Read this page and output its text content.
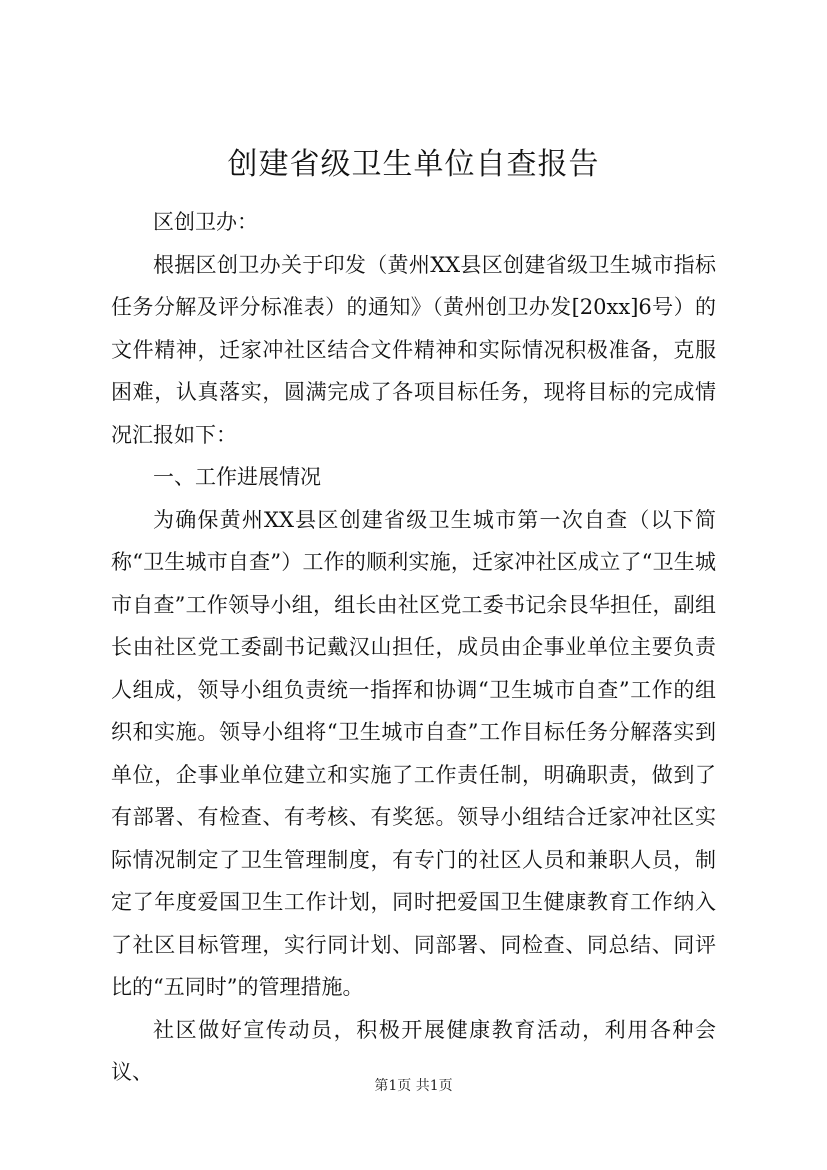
创建省级卫生单位自查报告

区创卫办：

根据区创卫办关于印发（黄州XX县区创建省级卫生城市指标任务分解及评分标准表）的通知》（黄州创卫办发[20xx]6号）的文件精神，迁家冲社区结合文件精神和实际情况积极准备，克服困难，认真落实，圆满完成了各项目标任务，现将目标的完成情况汇报如下：

一、工作进展情况

为确保黄州XX县区创建省级卫生城市第一次自查（以下简称“卫生城市自查”）工作的顺利实施，迁家冲社区成立了“卫生城市自查”工作领导小组，组长由社区党工委书记余艮华担任，副组长由社区党工委副书记戴汉山担任，成员由企事业单位主要负责人组成，领导小组负责统一指挥和协调“卫生城市自查”工作的组织和实施。领导小组将“卫生城市自查”工作目标任务分解落实到单位，企事业单位建立和实施了工作责任制，明确职责，做到了有部署、有检查、有考核、有奖惩。领导小组结合迁家冲社区实际情况制定了卫生管理制度，有专门的社区人员和兼职人员，制定了年度爱国卫生工作计划，同时把爱国卫生健康教育工作纳入了社区目标管理，实行同计划、同部署、同检查、同总结、同评比的“五同时”的管理措施。

社区做好宣传动员，积极开展健康教育活动，利用各种会议、

第1页 共1页
